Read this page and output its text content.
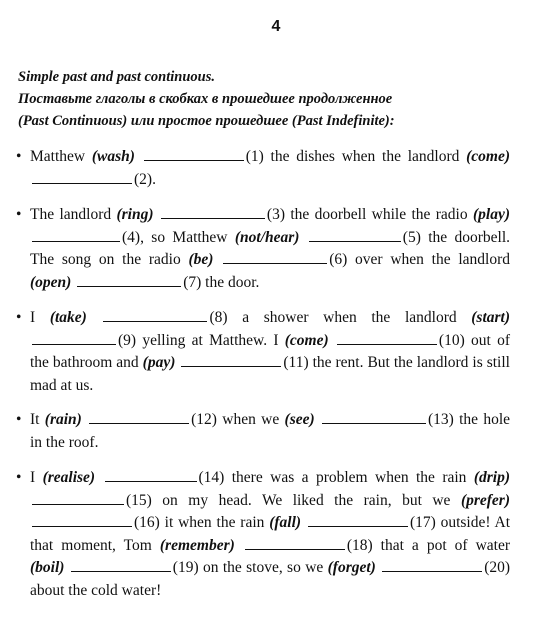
4
Simple past and past continuous.
Поставьте глаголы в скобках в прошедшее продолженное
(Past Continuous) или простое прошедшее (Past Indefinite):
• Matthew (wash)	(1) the dishes when the landlord (come) (2).
• The landlord (ring)	(3) the doorbell while the radio (play) (4), so Matthew (not/hear)	(5) the doorbell. The song on the radio (be)	(6) over when the landlord (open)	(7) the door.
• I (take)	(8) a shower when the landlord (start) (9) yelling at Matthew. I (come)	(10) out of the bathroom and (pay)	(11) the rent. But the landlord is still mad at us.
• It (rain)	(12) when we (see)	(13) the hole in the roof.
• I (realise)	(14) there was a problem when the rain (drip) (15) on my head. We liked the rain, but we (prefer) (16) it when the rain (fall)	(17) outside! At that moment, Tom (remember)	(18) that a pot of water (boil)	(19) on the stove, so we (forget)	(20) about the cold water!
